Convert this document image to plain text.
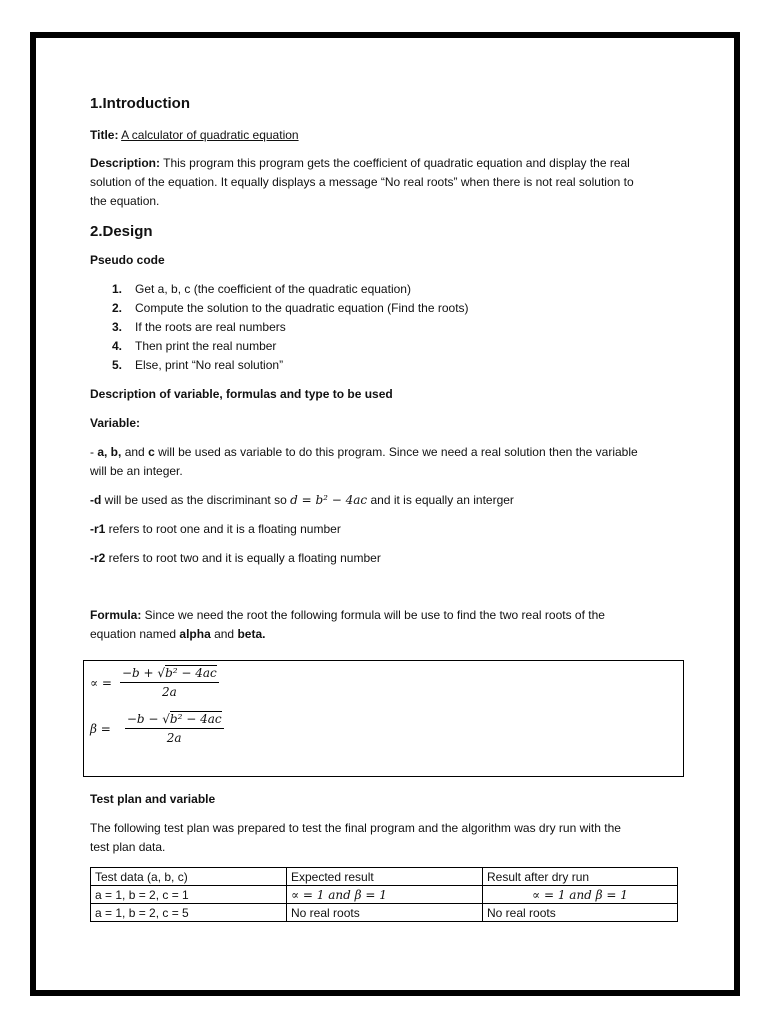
1.Introduction

Title: A calculator of quadratic equation

Description: This program this program gets the coefficient of quadratic equation and display the real
solution of the equation. It equally displays a message “No real roots” when there is not real solution to
the equation.

2.Design

Pseudo code

1. Get a, b, c (the coefficient of the quadratic equation)
2. Compute the solution to the quadratic equation (Find the roots)
3. If the roots are real numbers
4. Then print the real number
5. Else, print “No real solution”

Description of variable, formulas and type to be used

Variable:

- a, b, and c will be used as variable to do this program. Since we need a real solution then the variable
will be an integer.

-d will be used as the discriminant so d = b² − 4ac and it is equally an interger

-r1 refers to root one and it is a floating number

-r2 refers to root two and it is equally a floating number

Formula: Since we need the root the following formula will be use to find the two real roots of the
equation named alpha and beta.

∝ = $\frac{\text{−b + √b² − 4ac}}{2a}$
$\beta = \frac{\text{−b − √b² − 4ac}}{2a}$

Test plan and variable

The following test plan was prepared to test the final program and the algorithm was dry run with the
test plan data.

Test data (a, b, c)	Expected result	Result after dry run
a = 1, b = 2, c = 1	∝ = 1 and β = 1	∝ = 1 and β = 1
a = 1, b = 2, c = 5	No real roots	No real roots
